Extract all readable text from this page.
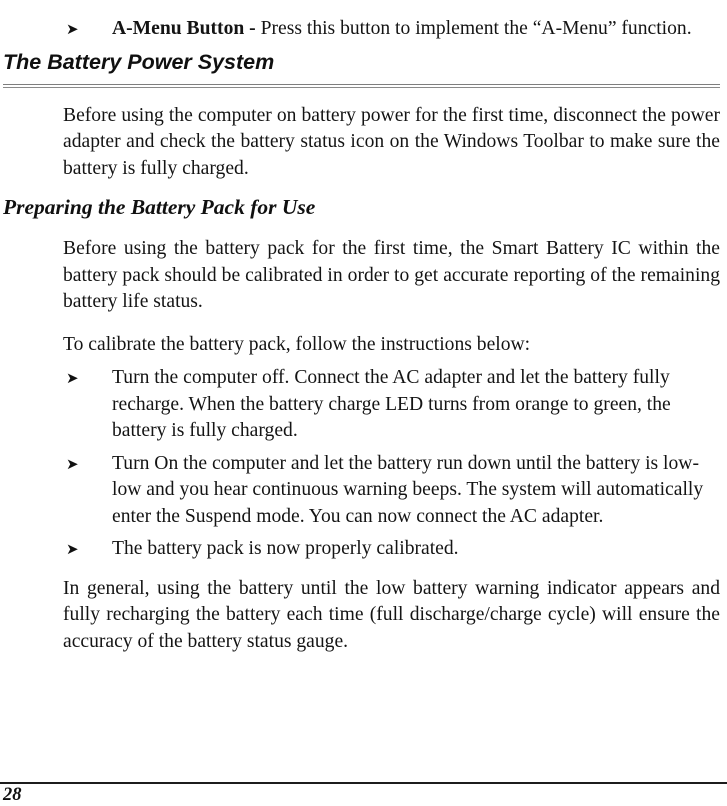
➤	A-Menu Button - Press this button to implement the “A-Menu” function.
The Battery Power System

Before using the computer on battery power for the first time, disconnect the power adapter and check the battery status icon on the Windows Toolbar to make sure the battery is fully charged.

Preparing the Battery Pack for Use

Before using the battery pack for the first time, the Smart Battery IC within the battery pack should be calibrated in order to get accurate reporting of the remaining battery life status.

To calibrate the battery pack, follow the instructions below:

➤	Turn the computer off. Connect the AC adapter and let the battery fully recharge. When the battery charge LED turns from orange to green, the battery is fully charged.
➤	Turn On the computer and let the battery run down until the battery is low-low and you hear continuous warning beeps. The system will automatically enter the Suspend mode. You can now connect the AC adapter.
➤	The battery pack is now properly calibrated.

In general, using the battery until the low battery warning indicator appears and fully recharging the battery each time (full discharge/charge cycle) will ensure the accuracy of the battery status gauge.

28
